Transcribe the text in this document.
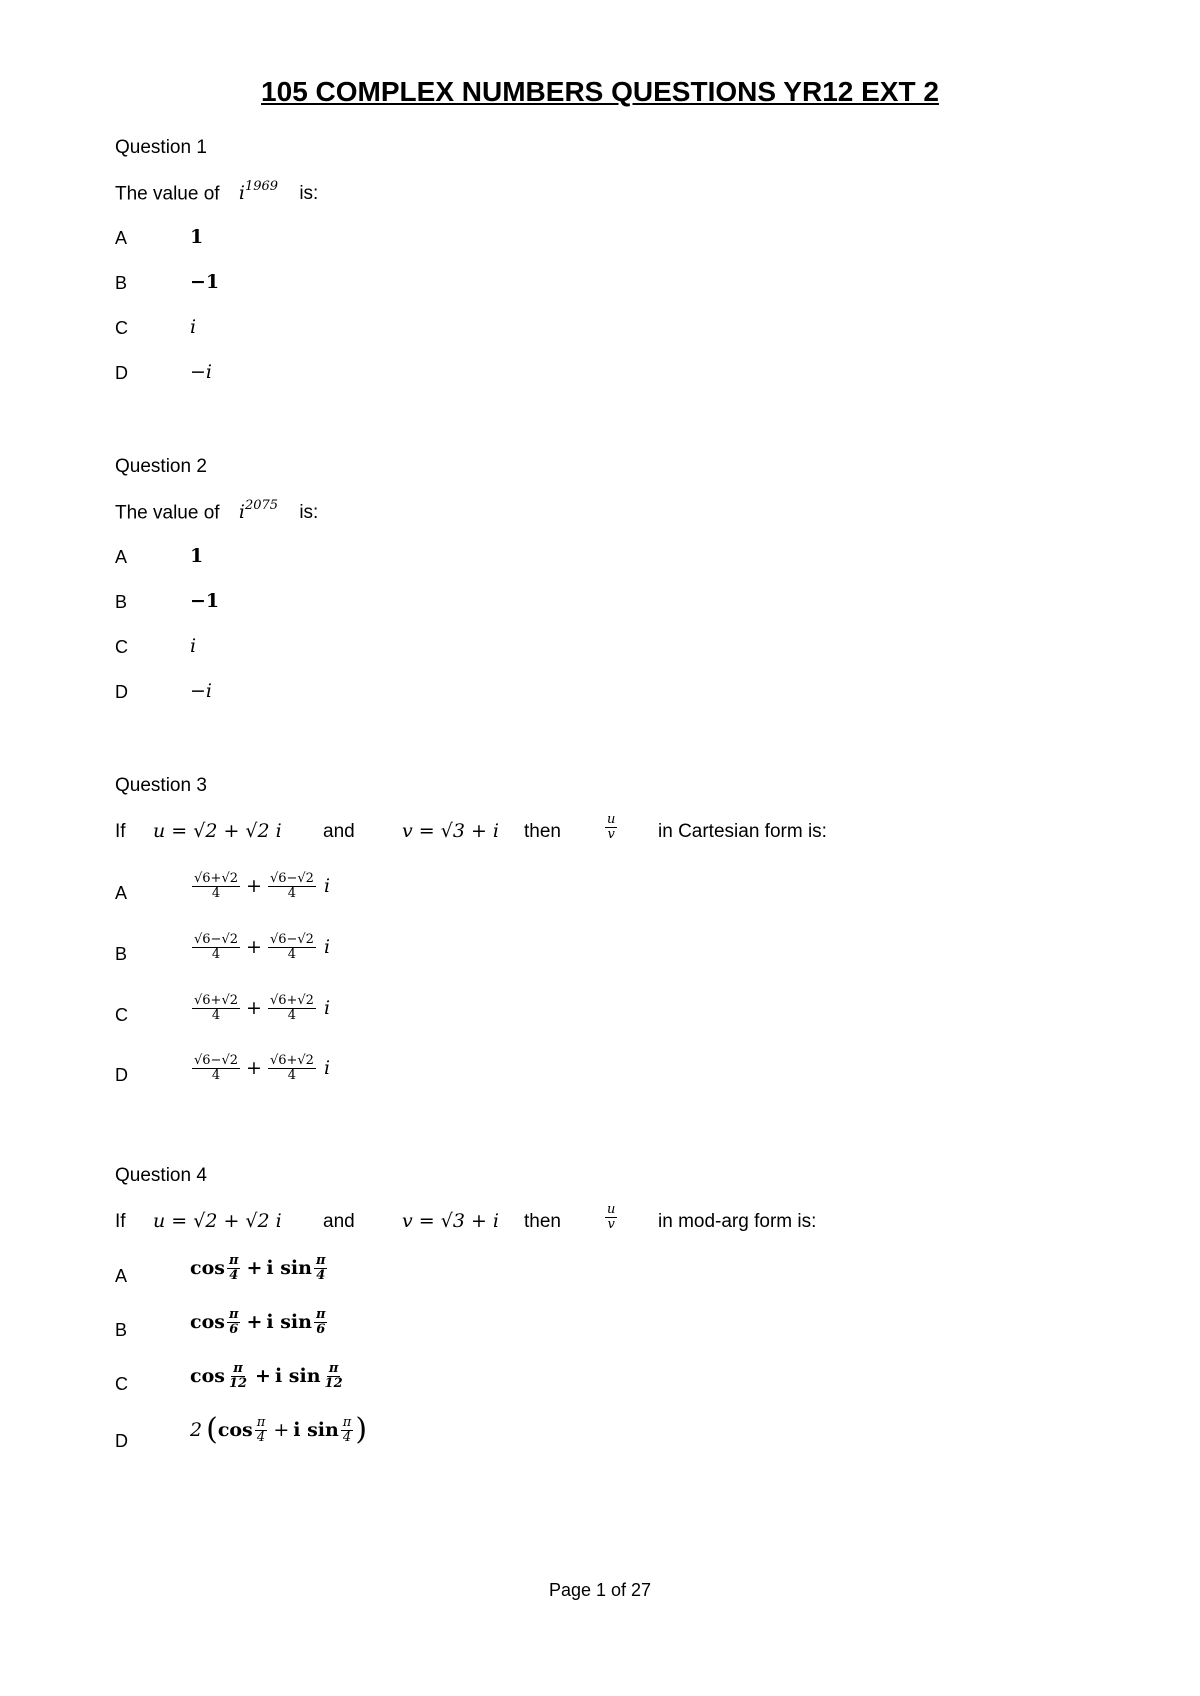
105 COMPLEX NUMBERS QUESTIONS YR12 EXT 2
Question 1
The value of $i^{1969}$ is:
A	1
B	−1
C	i
D	−i
Question 2
The value of $i^{2075}$ is:
A	1
B	−1
C	i
D	−i
Question 3
If u = √2 + √2 i and v = √3 + i then	$\frac{u}{v}$ in Cartesian form is:
A	$\frac{√6+√2}{4} + \frac{√6-√2}{4}$ i
B	$\frac{√6-√2}{4} + \frac{√6-√2}{4}$ i
C	$\frac{√6+√2}{4} + \frac{√6+√2}{4}$ i
D	$\frac{√6-√2}{4} + \frac{√6+√2}{4}$ i
Question 4
If u = √2 + √2 i and v = √3 + i then	$\frac{u}{v}$ in mod-arg form is:
A	$\cos \frac{\pi}{4} + i$ $\sin \frac{\pi}{4}$
B	$\cos \frac{\pi}{6} + i$ $\sin \frac{\pi}{6}$
C	$\cos \frac{\pi}{12} + i$ $\sin \frac{\pi}{12}$
D	2 ( $\cos \frac{\pi}{4} + i$ $\sin \frac{\pi}{4}$ )
Page 1 of 27
